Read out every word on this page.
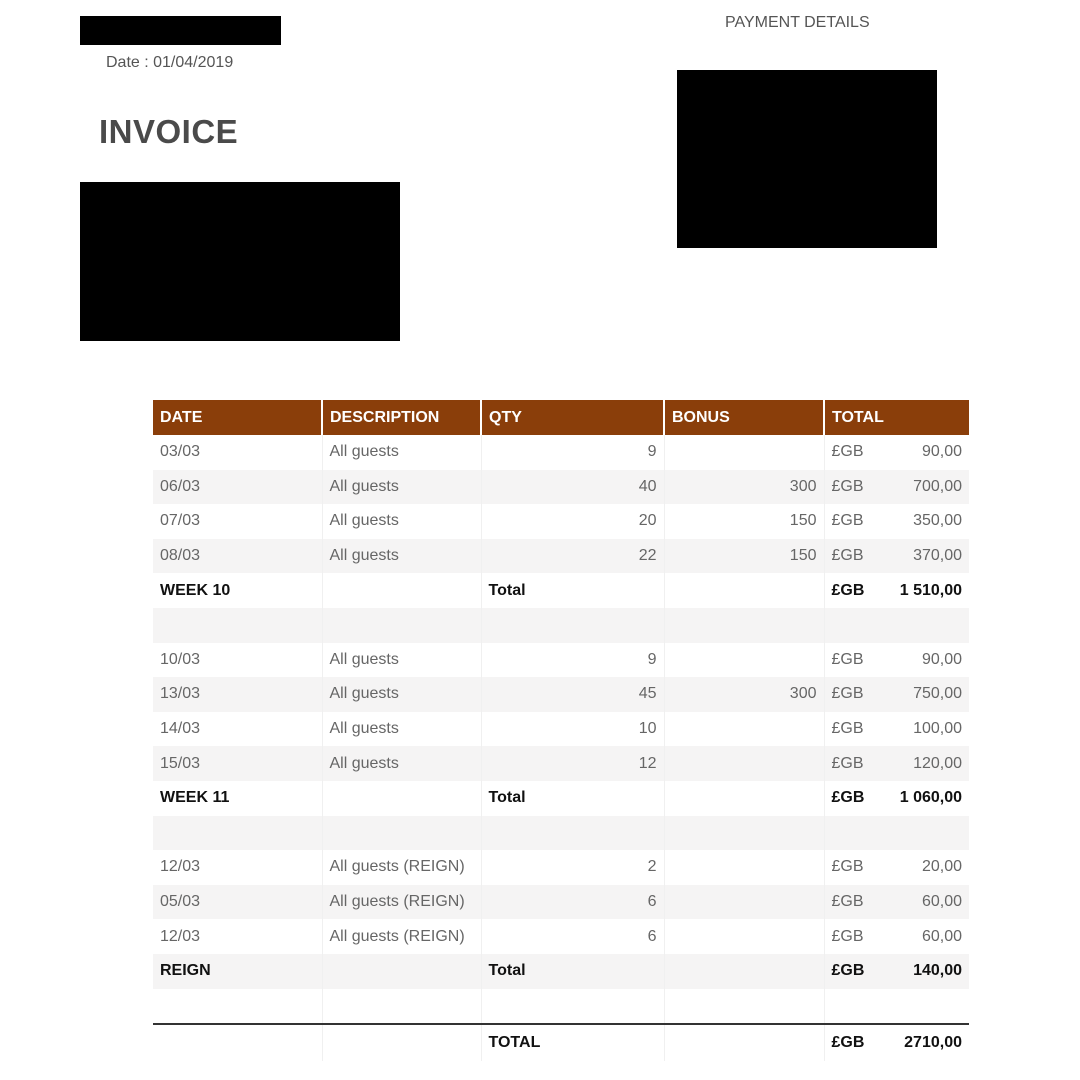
Date : 01/04/2019
INVOICE
PAYMENT DETAILS
DATE	DESCRIPTION	QTY	BONUS	TOTAL	
03/03	All guests	9		£GB	90,00
06/03	All guests	40	300	£GB	700,00
07/03	All guests	20	150	£GB	350,00
08/03	All guests	22	150	£GB	370,00
WEEK 10		Total		£GB	1 510,00

10/03	All guests	9		£GB	90,00
13/03	All guests	45	300	£GB	750,00
14/03	All guests	10		£GB	100,00
15/03	All guests	12		£GB	120,00
WEEK 11		Total		£GB	1 060,00

12/03	All guests (REIGN)	2		£GB	20,00
05/03	All guests (REIGN)	6		£GB	60,00
12/03	All guests (REIGN)	6		£GB	60,00
REIGN		Total		£GB	140,00

		TOTAL		£GB	2710,00
